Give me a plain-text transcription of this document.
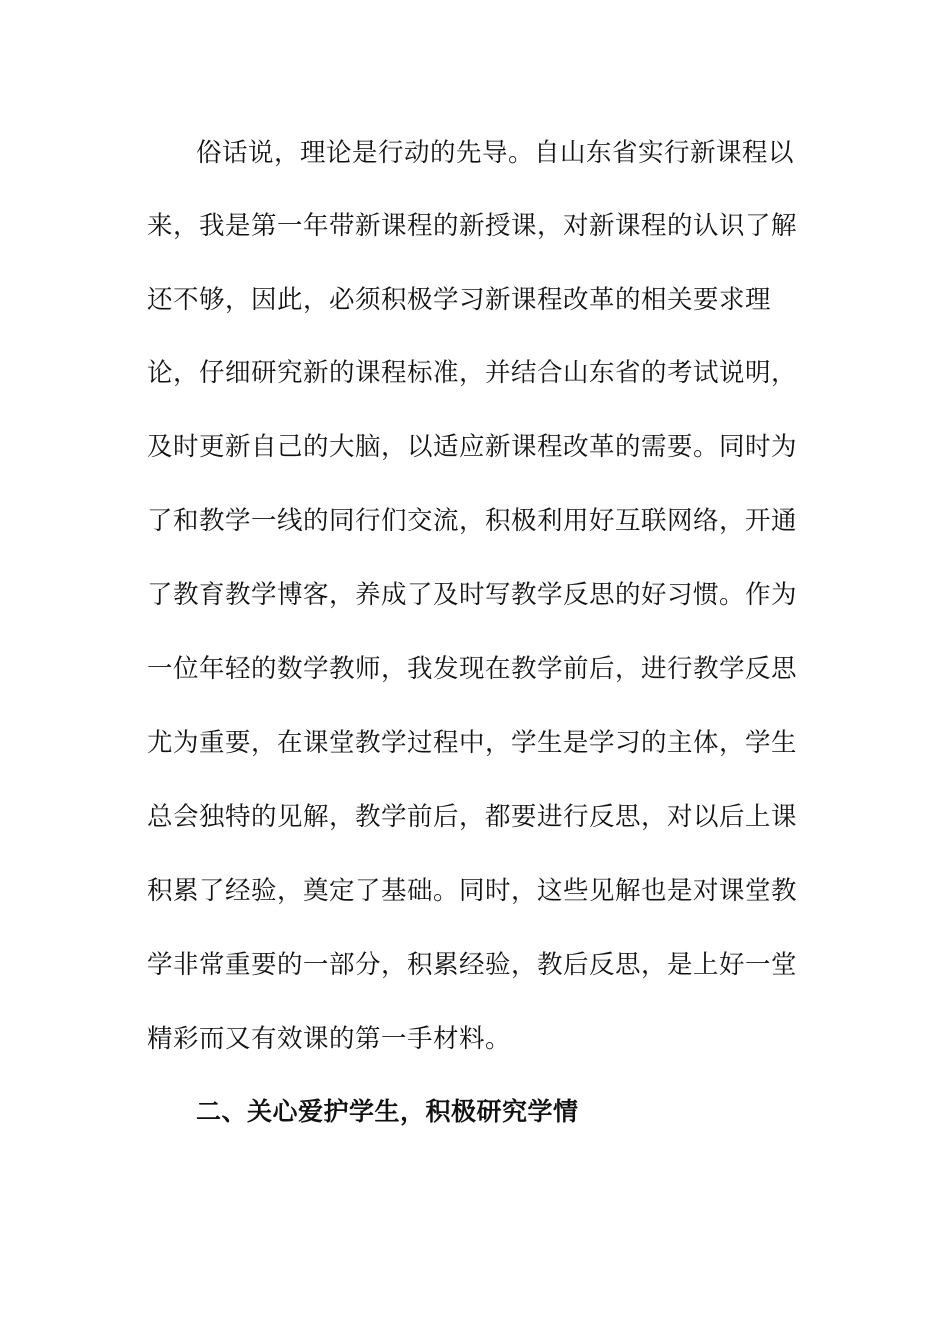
俗话说，理论是行动的先导。自山东省实行新课程以
来，我是第一年带新课程的新授课，对新课程的认识了解
还不够，因此，必须积极学习新课程改革的相关要求理
论，仔细研究新的课程标准，并结合山东省的考试说明，
及时更新自己的大脑，以适应新课程改革的需要。同时为
了和教学一线的同行们交流，积极利用好互联网络，开通
了教育教学博客，养成了及时写教学反思的好习惯。作为
一位年轻的数学教师，我发现在教学前后，进行教学反思
尤为重要，在课堂教学过程中，学生是学习的主体，学生
总会独特的见解，教学前后，都要进行反思，对以后上课
积累了经验，奠定了基础。同时，这些见解也是对课堂教
学非常重要的一部分，积累经验，教后反思，是上好一堂
精彩而又有效课的第一手材料。
二、关心爱护学生，积极研究学情
